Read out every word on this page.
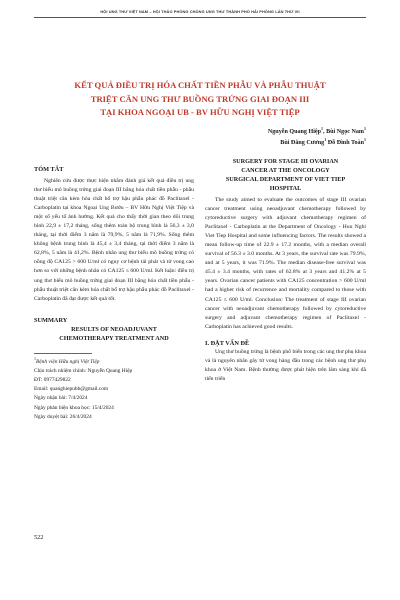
HỘI UNG THƯ VIỆT NAM – HỘI THẢO PHÒNG CHỐNG UNG THƯ THÀNH PHỐ HẢI PHÒNG LẦN THỨ VII
KẾT QUẢ ĐIỀU TRỊ HÓA CHẤT TIỀN PHẪU VÀ PHẪU THUẬT
TRIỆT CĂN UNG THƯ BUỒNG TRỨNG GIAI ĐOẠN III
TẠI KHOA NGOẠI UB - BV HỮU NGHỊ VIỆT TIỆP
Nguyễn Quang Hiệp$^1$, Bùi Ngọc Nam$^1$
Bùi Đăng Cương$^1$ Đỗ Đình Toàn$^1$
TÓM TẮT

Nghiên cứu được thực hiện nhằm đánh giá kết quả điều trị ung thư biểu mô buồng trứng giai đoạn III bằng hóa chất tiền phẫu - phẫu thuật triệt căn kèm hóa chất bổ trợ hậu phẫu phác đồ Paclitaxel - Carboplatin tại khoa Ngoại Ung Bướu – BV Hữu Nghị Việt Tiệp và một số yếu tố ảnh hưởng. Kết quả cho thấy thời gian theo dõi trung bình 22,9 ± 17,2 tháng, sống thêm toàn bộ trung bình là 56,3 ± 3,0 tháng, tại thời điểm 3 năm là 79,9%, 5 năm là 71,9%. Sống thêm không bệnh trung bình là 45,4 ± 3,4 tháng, tại thời điểm 3 năm là 62,8%, 5 năm là 41,2%. Bệnh nhân ung thư biểu mô buồng trứng có nồng độ CA125 > 600 U/ml có nguy cơ bệnh tái phát và tử vong cao hơn so với những bệnh nhân có CA125 ≤ 600 U/ml. Kết luận: điều trị ung thư biểu mô buồng trứng giai đoạn III bằng hóa chất tiền phẫu - phẫu thuật triệt căn kèm hóa chất bổ trợ hậu phẫu phác đồ Paclitaxel - Carboplatin đã đạt được kết quả tốt.

SUMMARY
RESULTS OF NEOADJUVANT
CHEMOTHERAPY TREATMENT AND
$^1$Bệnh viện Hữu nghị Việt Tiệp
Chịu trách nhiệm chính: Nguyễn Quang Hiệp
ĐT: 0977429822
Email: quanghiepubb@gmail.com
Ngày nhận bài: 7/4/2024
Ngày phản biện khoa học: 15/4/2024
Ngày duyệt bài: 26/4/2024
SURGERY FOR STAGE III OVARIAN
CANCER AT THE ONCOLOGY
SURGICAL DEPARTMENT OF VIET TIEP
HOSPITAL

The study aimed to evaluate the outcomes of stage III ovarian cancer treatment using neoadjuvant chemotherapy followed by cytoreductive surgery with adjuvant chemotherapy regimen of Paclitaxel - Carboplatin at the Department of Oncology - Huu Nghi Viet Tiep Hospital and some influencing factors. The results showed a mean follow-up time of 22.9 ± 17.2 months, with a median overall survival of 56.3 ± 3.0 months. At 3 years, the survival rate was 79.9%, and at 5 years, it was 71.9%. The median disease-free survival was 45.4 ± 3.4 months, with rates of 62.8% at 3 years and 41.2% at 5 years. Ovarian cancer patients with CA125 concentration > 600 U/ml had a higher risk of recurrence and mortality compared to those with CA125 ≤ 600 U/ml. Conclusion: The treatment of stage III ovarian cancer with neoadjuvant chemotherapy followed by cytoreductive surgery and adjuvant chemotherapy regimen of Paclitaxel - Carboplatin has achieved good results.

I. ĐẶT VẤN ĐỀ

Ung thư buồng trứng là bệnh phổ biến trong các ung thư phụ khoa và là nguyên nhân gây tử vong hàng đầu trong các bệnh ung thư phụ khoa ở Việt Nam. Bệnh thường được phát hiện trên lâm sàng khi đã tiến triển

522
